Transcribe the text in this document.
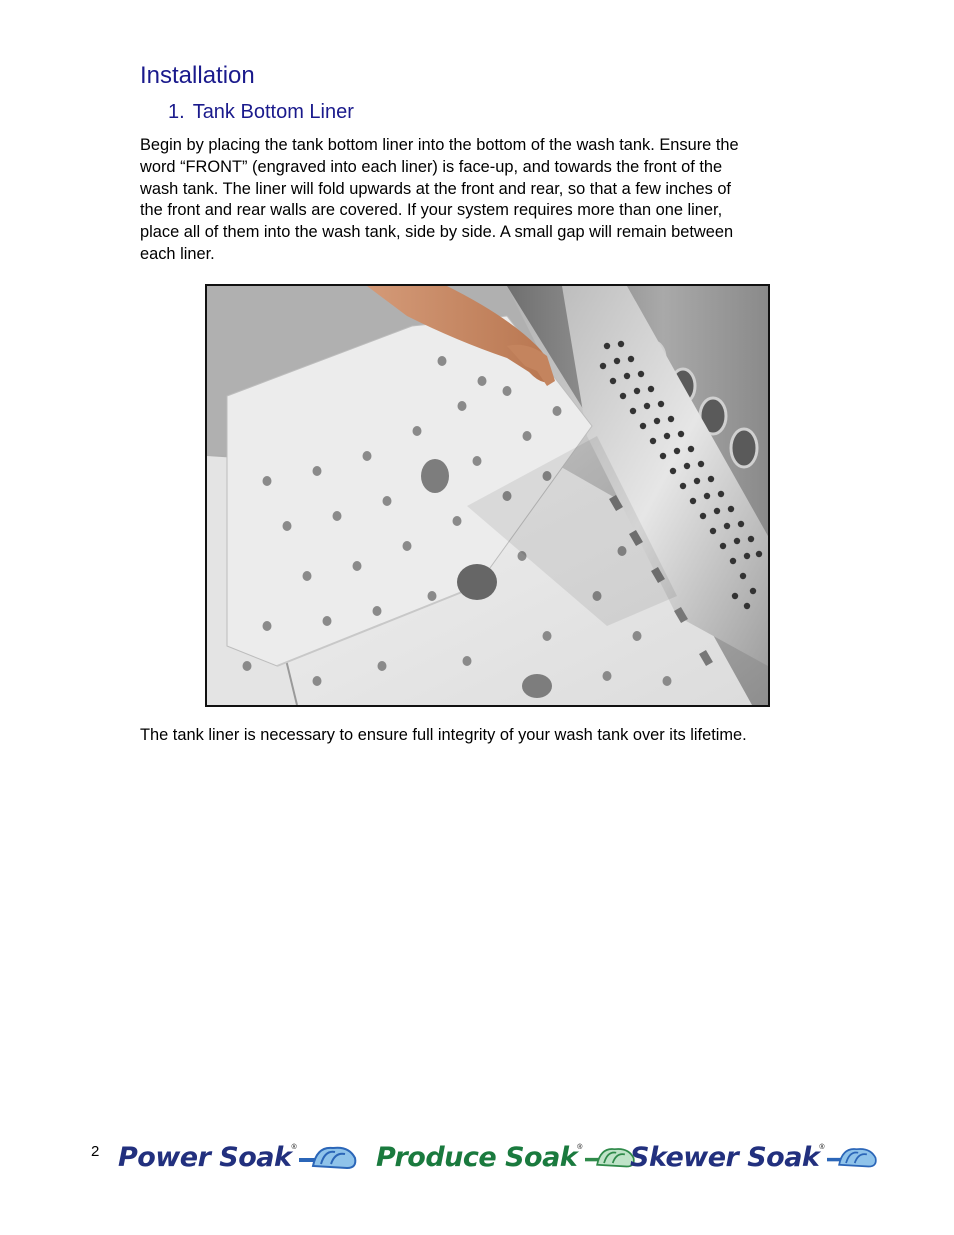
Installation
1. Tank Bottom Liner
Begin by placing the tank bottom liner into the bottom of the wash tank. Ensure the
word “FRONT” (engraved into each liner) is face-up, and towards the front of the
wash tank. The liner will fold upwards at the front and rear, so that a few inches of
the front and rear walls are covered. If your system requires more than one liner,
place all of them into the wash tank, side by side. A small gap will remain between
each liner.

The tank liner is necessary to ensure full integrity of your wash tank over its lifetime.

2 Power Soak®	Produce Soak®	Skewer Soak®
